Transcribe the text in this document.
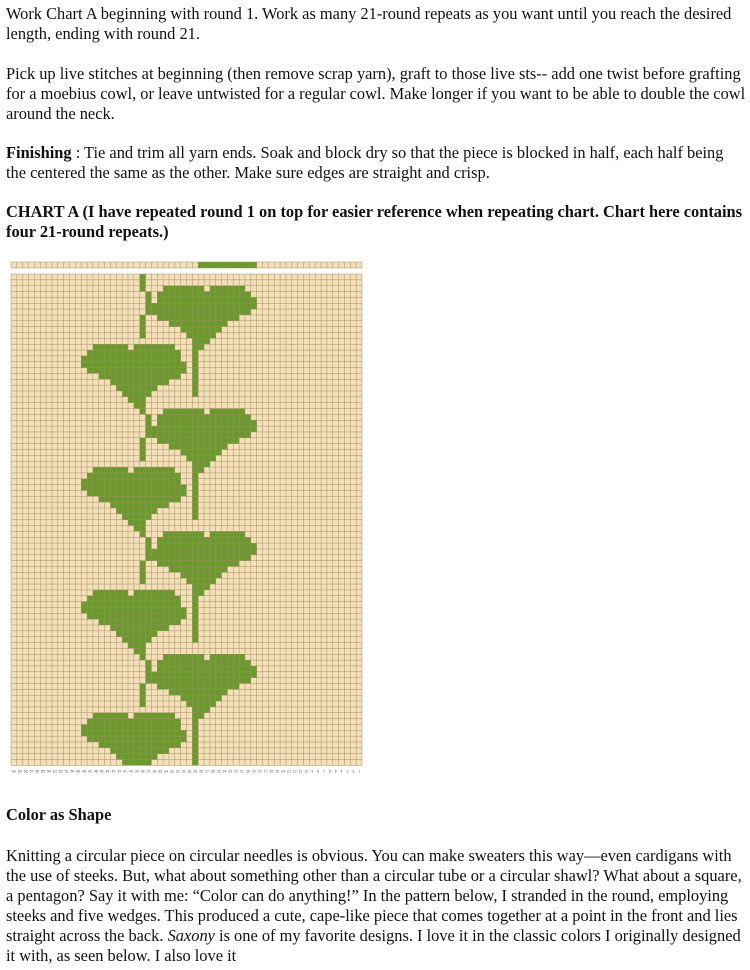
Work Chart A beginning with round 1. Work as many 21-round repeats as you want until you reach the desired length, ending with round 21.

Pick up live stitches at beginning (then remove scrap yarn), graft to those live sts-- add one twist before grafting for a moebius cowl, or leave untwisted for a regular cowl. Make longer if you want to be able to double the cowl around the neck.

Finishing : Tie and trim all yarn ends. Soak and block dry so that the piece is blocked in half, each half being the centered the same as the other. Make sure edges are straight and crisp.

CHART A (I have repeated round 1 on top for easier reference when repeating chart. Chart here contains four 21-round repeats.)

60 59 58 57 56 55 54 53 52 51 50 49 48 47 46 45 44 43 42 41 40 39 38 37 36 35 34 33 32 31 30 29 28 27 26 25 24 23 22 21 20 19 18 17 16 15 14 13 12 11 10 9 8 7 6 5 4 3 2 1

Color as Shape

Knitting a circular piece on circular needles is obvious. You can make sweaters this way—even cardigans with the use of steeks. But, what about something other than a circular tube or a circular shawl? What about a square, a pentagon? Say it with me: “Color can do anything!” In the pattern below, I stranded in the round, employing steeks and five wedges. This produced a cute, cape-like piece that comes together at a point in the front and lies straight across the back. Saxony is one of my favorite designs. I love it in the classic colors I originally designed it with, as seen below. I also love it
